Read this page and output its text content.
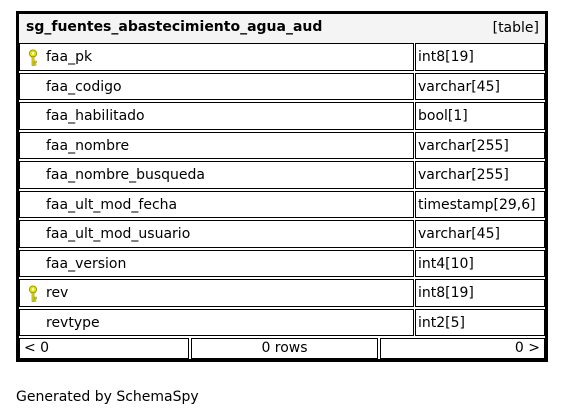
sg_fuentes_abastecimiento_agua_aud	[table]
faa_pk	int8[19]
faa_codigo	varchar[45]
faa_habilitado	bool[1]
faa_nombre	varchar[255]
faa_nombre_busqueda	varchar[255]
faa_ult_mod_fecha	timestamp[29,6]
faa_ult_mod_usuario	varchar[45]
faa_version	int4[10]
rev	int8[19]
revtype	int2[5]
< 0	0 rows	0 >
Generated by SchemaSpy
